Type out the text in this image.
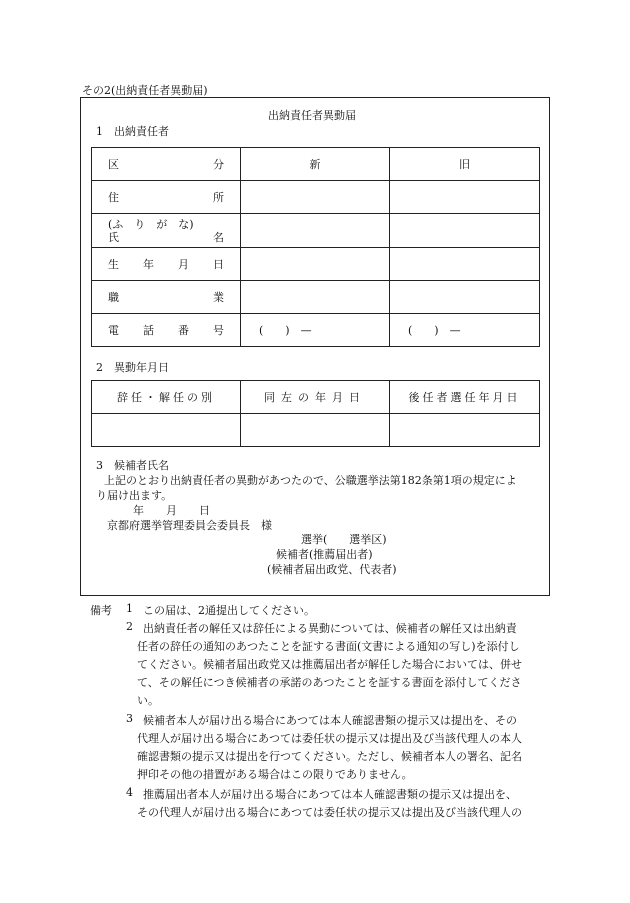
その2(出納責任者異動届)
出納責任者異動届
1　出納責任者
区 分	新	旧

住 所		

(ふ　り　が　な)
氏 名		

生 年 月 日		

職 業		

電 話 番 号	(　　)　—	(　　)　—
2　異動年月日
辞任・解任の別	同左の年月日	後任者選任年月日

3　候補者氏名
上記のとおり出納責任者の異動があつたので、公職選挙法第182条第1項の規定によ
り届け出ます。
年　　月　　日
京都府選挙管理委員会委員長　様
選挙(　　選挙区)
候補者(推薦届出者)
(候補者届出政党、代表者)
備考 1 この届は、2通提出してください。
2 出納責任者の解任又は辞任による異動については、候補者の解任又は出納責
任者の辞任の通知のあつたことを証する書面(文書による通知の写し)を添付し
てください。候補者届出政党又は推薦届出者が解任した場合においては、併せ
て、その解任につき候補者の承諾のあつたことを証する書面を添付してくださ
い。
3 候補者本人が届け出る場合にあつては本人確認書類の提示又は提出を、その
代理人が届け出る場合にあつては委任状の提示又は提出及び当該代理人の本人
確認書類の提示又は提出を行つてください。ただし、候補者本人の署名、記名
押印その他の措置がある場合はこの限りでありません。
4 推薦届出者本人が届け出る場合にあつては本人確認書類の提示又は提出を、
その代理人が届け出る場合にあつては委任状の提示又は提出及び当該代理人の
